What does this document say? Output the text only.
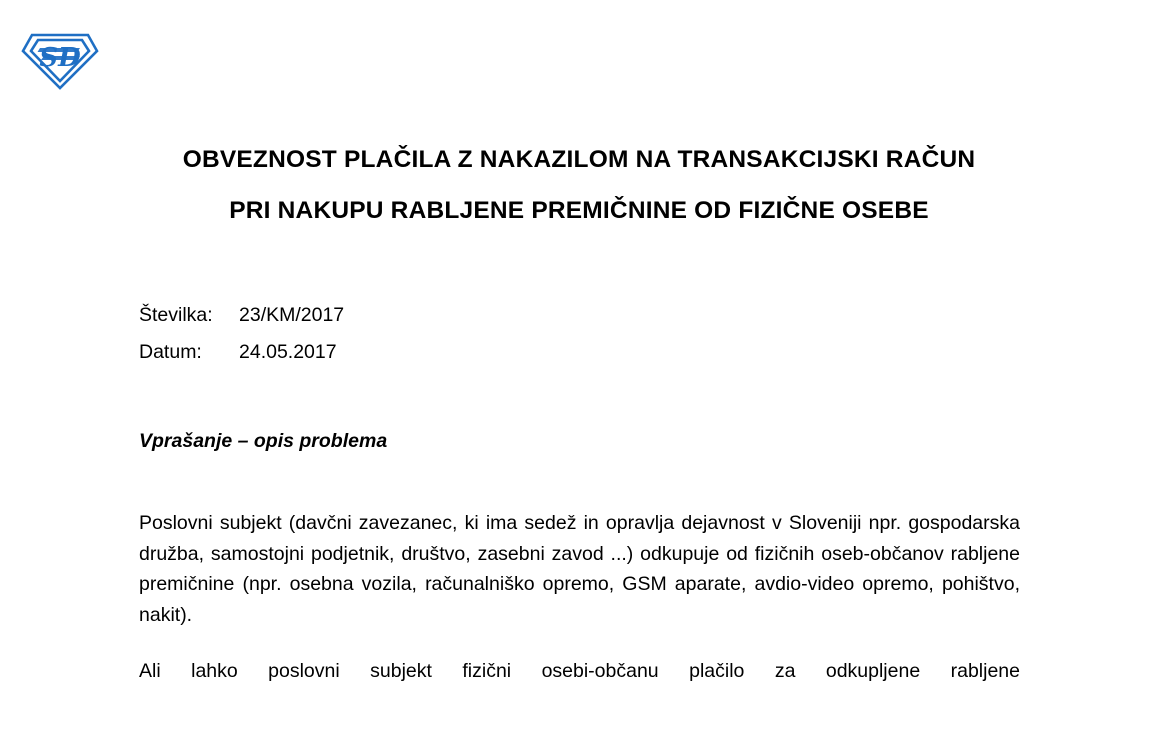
SD
OBVEZNOST PLAČILA Z NAKAZILOM NA TRANSAKCIJSKI RAČUN
PRI NAKUPU RABLJENE PREMIČNINE OD FIZIČNE OSEBE
Številka:	23/KM/2017
Datum:	24.05.2017
Vprašanje – opis problema

Poslovni subjekt (davčni zavezanec, ki ima sedež in opravlja dejavnost v Sloveniji npr. gospodarska družba, samostojni podjetnik, društvo, zasebni zavod ...) odkupuje od fizičnih oseb-občanov rabljene premičnine (npr. osebna vozila, računalniško opremo, GSM aparate, avdio-video opremo, pohištvo, nakit).

Ali lahko poslovni subjekt fizični osebi-občanu plačilo za odkupljene rabljene
